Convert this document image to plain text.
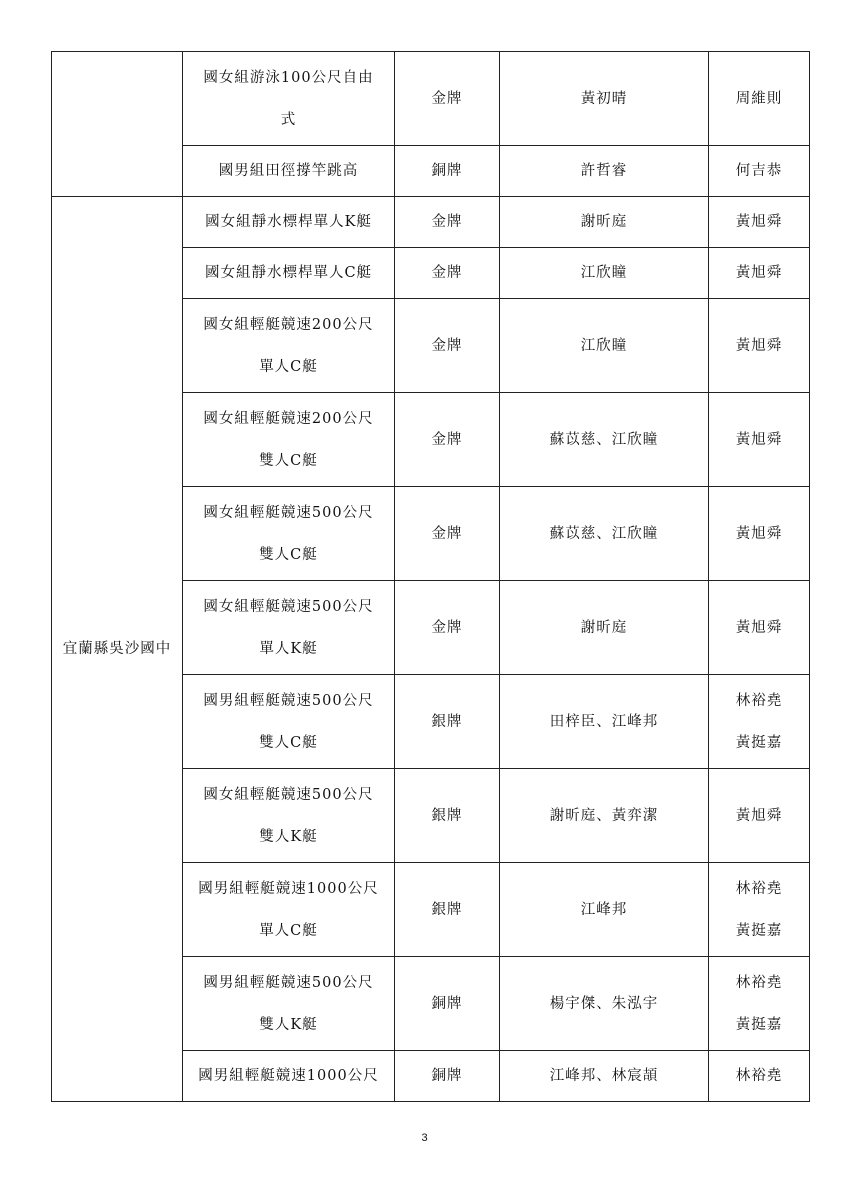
	國女組游泳100公尺自由
式	金牌	黃初晴	周維則

	國男組田徑撐竿跳高	銅牌	許哲睿	何吉恭

宜蘭縣吳沙國中	國女組靜水標桿單人K艇	金牌	謝昕庭	黃旭舜

	國女組靜水標桿單人C艇	金牌	江欣瞳	黃旭舜

	國女組輕艇競速200公尺
單人C艇	金牌	江欣瞳	黃旭舜

	國女組輕艇競速200公尺
雙人C艇	金牌	蘇苡慈、江欣瞳	黃旭舜

	國女組輕艇競速500公尺
雙人C艇	金牌	蘇苡慈、江欣瞳	黃旭舜

	國女組輕艇競速500公尺
單人K艇	金牌	謝昕庭	黃旭舜

	國男組輕艇競速500公尺
雙人C艇	銀牌	田梓臣、江峰邦	林裕堯
黃挺嘉

	國女組輕艇競速500公尺
雙人K艇	銀牌	謝昕庭、黃弈潔	黃旭舜

	國男組輕艇競速1000公尺
單人C艇	銀牌	江峰邦	林裕堯
黃挺嘉

	國男組輕艇競速500公尺
雙人K艇	銅牌	楊宇傑、朱泓宇	林裕堯
黃挺嘉

	國男組輕艇競速1000公尺	銅牌	江峰邦、林宸頡	林裕堯
3
